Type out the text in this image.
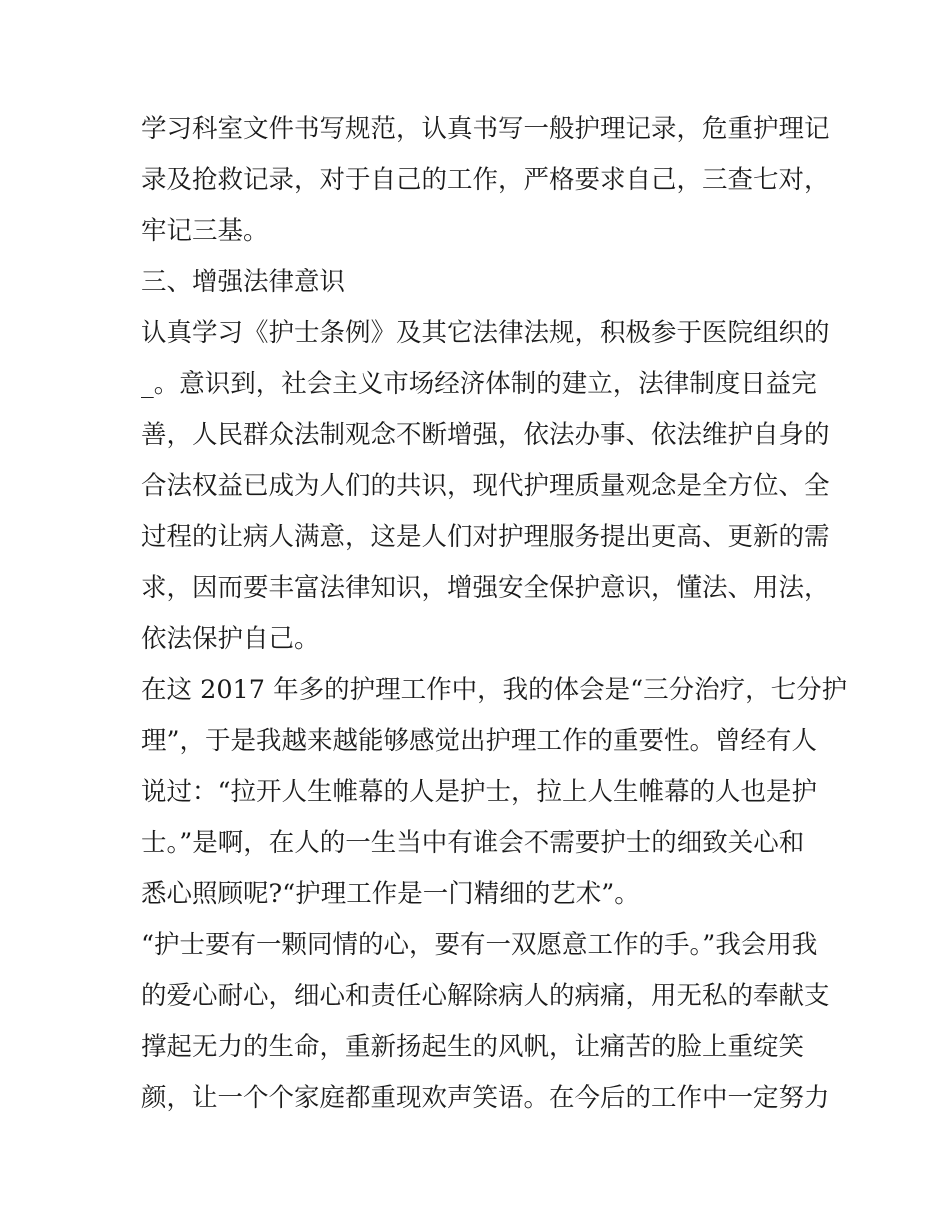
学习科室文件书写规范，认真书写一般护理记录，危重护理记
录及抢救记录，对于自己的工作，严格要求自己，三查七对，
牢记三基。
三、增强法律意识
认真学习《护士条例》及其它法律法规，积极参于医院组织的
_。意识到，社会主义市场经济体制的建立，法律制度日益完
善，人民群众法制观念不断增强，依法办事、依法维护自身的
合法权益已成为人们的共识，现代护理质量观念是全方位、全
过程的让病人满意，这是人们对护理服务提出更高、更新的需
求，因而要丰富法律知识，增强安全保护意识，懂法、用法，
依法保护自己。
在这 2017 年多的护理工作中，我的体会是“三分治疗，七分护
理”，于是我越来越能够感觉出护理工作的重要性。曾经有人
说过：“拉开人生帷幕的人是护士，拉上人生帷幕的人也是护
士。”是啊，在人的一生当中有谁会不需要护士的细致关心和
悉心照顾呢?“护理工作是一门精细的艺术”。
“护士要有一颗同情的心，要有一双愿意工作的手。”我会用我
的爱心耐心，细心和责任心解除病人的病痛，用无私的奉献支
撑起无力的生命，重新扬起生的风帆，让痛苦的脸上重绽笑
颜，让一个个家庭都重现欢声笑语。在今后的工作中一定努力
